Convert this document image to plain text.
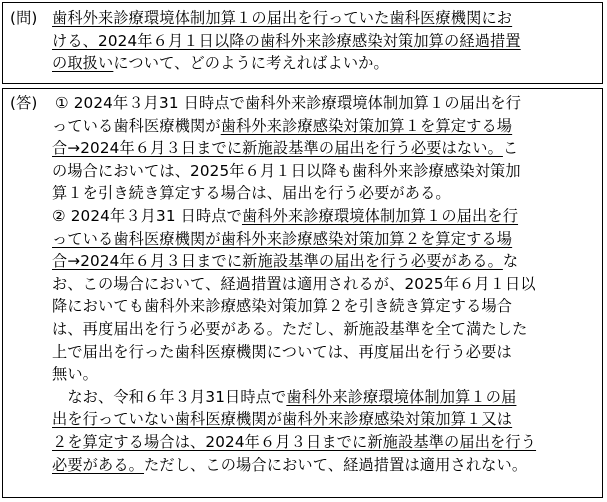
(問) 歯科外来診療環境体制加算１の届出を行っていた歯科医療機関にお
ける、2024年６月１日以降の歯科外来診療感染対策加算の経過措置
の取扱いについて、どのように考えればよいか。
(答) ① 2024年３月31 日時点で歯科外来診療環境体制加算１の届出を行
っている歯科医療機関が歯科外来診療感染対策加算１を算定する場
合→2024年６月３日までに新施設基準の届出を行う必要はない。こ
の場合においては、2025年６月１日以降も歯科外来診療感染対策加
算１を引き続き算定する場合は、届出を行う必要がある。
② 2024年３月31 日時点で歯科外来診療環境体制加算１の届出を行
っている歯科医療機関が歯科外来診療感染対策加算２を算定する場
合→2024年６月３日までに新施設基準の届出を行う必要がある。な
お、この場合において、経過措置は適用されるが、2025年６月１日以
降においても歯科外来診療感染対策加算２を引き続き算定する場合
は、再度届出を行う必要がある。ただし、新施設基準を全て満たした
上で届出を行った歯科医療機関については、再度届出を行う必要は
無い。
　なお、令和６年３月31日時点で歯科外来診療環境体制加算１の届
出を行っていない歯科医療機関が歯科外来診療感染対策加算１又は
２を算定する場合は、2024年６月３日までに新施設基準の届出を行う
必要がある。ただし、この場合において、経過措置は適用されない。
